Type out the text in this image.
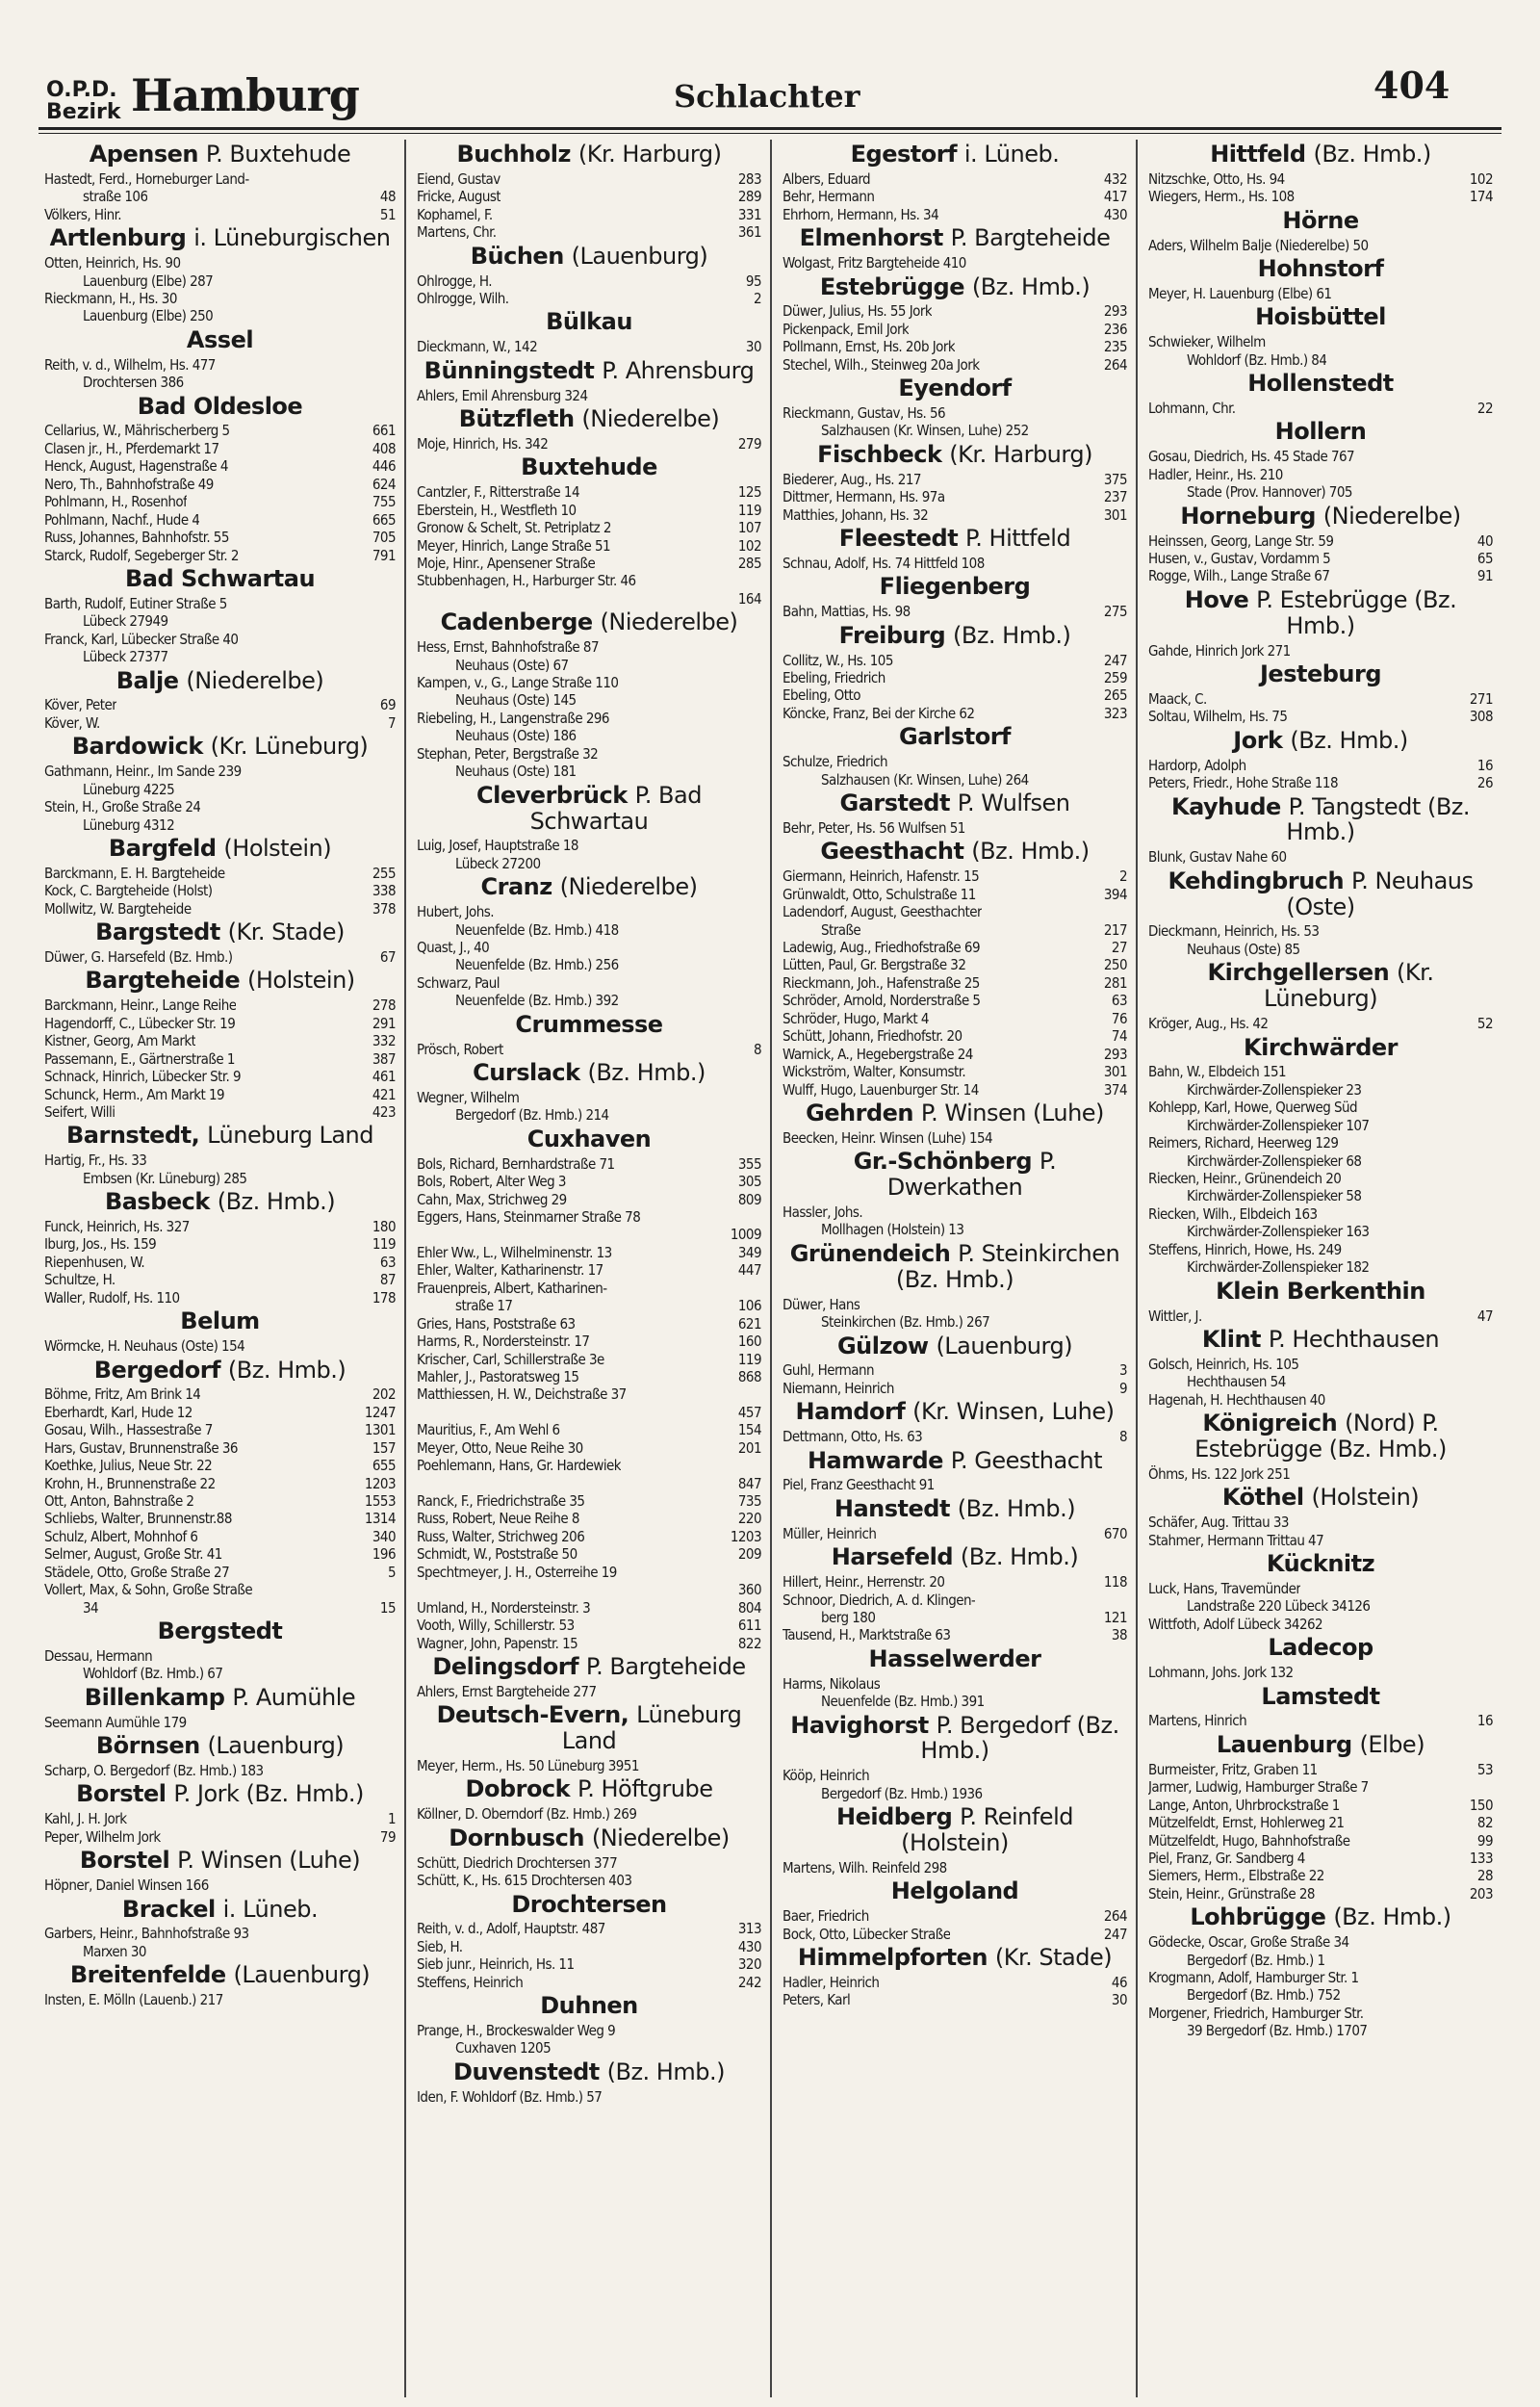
O.P.D.
Bezirk Hamburg	Schlachter	404
Apensen P. Buxtehude
Hastedt, Ferd., Horneburger Land-
straße 106	48
Völkers, Hinr.	51
Artlenburg i. Lüneburgischen
Otten, Heinrich, Hs. 90
Lauenburg (Elbe) 287
Rieckmann, H., Hs. 30
Lauenburg (Elbe) 250
Assel
Reith, v. d., Wilhelm, Hs. 477
Drochtersen 386
Bad Oldesloe
Cellarius, W., Mährischerberg 5	661
Clasen jr., H., Pferdemarkt 17	408
Henck, August, Hagenstraße 4	446
Nero, Th., Bahnhofstraße 49	624
Pohlmann, H., Rosenhof	755
Pohlmann, Nachf., Hude 4	665
Russ, Johannes, Bahnhofstr. 55	705
Starck, Rudolf, Segeberger Str. 2	791
Bad Schwartau
Barth, Rudolf, Eutiner Straße 5
Lübeck 27949
Franck, Karl, Lübecker Straße 40
Lübeck 27377
Balje (Niederelbe)
Köver, Peter	69
Köver, W.	7
Bardowick (Kr. Lüneburg)
Gathmann, Heinr., Im Sande 239
Lüneburg 4225
Stein, H., Große Straße 24
Lüneburg 4312
Bargfeld (Holstein)
Barckmann, E. H. Bargteheide	255
Kock, C. Bargteheide (Holst)	338
Mollwitz, W. Bargteheide	378
Bargstedt (Kr. Stade)
Düwer, G. Harsefeld (Bz. Hmb.)	67
Bargteheide (Holstein)
Barckmann, Heinr., Lange Reihe	278
Hagendorff, C., Lübecker Str. 19	291
Kistner, Georg, Am Markt	332
Passemann, E., Gärtnerstraße 1	387
Schnack, Hinrich, Lübecker Str. 9	461
Schunck, Herm., Am Markt 19	421
Seifert, Willi	423
Barnstedt, Lüneburg Land
Hartig, Fr., Hs. 33
Embsen (Kr. Lüneburg) 285
Basbeck (Bz. Hmb.)
Funck, Heinrich, Hs. 327	180
Iburg, Jos., Hs. 159	119
Riepenhusen, W.	63
Schultze, H.	87
Waller, Rudolf, Hs. 110	178
Belum
Wörmcke, H. Neuhaus (Oste) 154
Bergedorf (Bz. Hmb.)
Böhme, Fritz, Am Brink 14	202
Eberhardt, Karl, Hude 12	1247
Gosau, Wilh., Hassestraße 7	1301
Hars, Gustav, Brunnenstraße 36	157
Koethke, Julius, Neue Str. 22	655
Krohn, H., Brunnenstraße 22	1203
Ott, Anton, Bahnstraße 2	1553
Schliebs, Walter, Brunnenstr.88	1314
Schulz, Albert, Mohnhof 6	340
Selmer, August, Große Str. 41	196
Städele, Otto, Große Straße 27	5
Vollert, Max, & Sohn, Große Straße
34	15
Bergstedt
Dessau, Hermann
Wohldorf (Bz. Hmb.) 67
Billenkamp P. Aumühle
Seemann Aumühle 179
Börnsen (Lauenburg)
Scharp, O. Bergedorf (Bz. Hmb.) 183
Borstel P. Jork (Bz. Hmb.)
Kahl, J. H. Jork	1
Peper, Wilhelm Jork	79
Borstel P. Winsen (Luhe)
Höpner, Daniel Winsen 166
Brackel i. Lüneb.
Garbers, Heinr., Bahnhofstraße 93
Marxen 30
Breitenfelde (Lauenburg)
Insten, E. Mölln (Lauenb.) 217
Buchholz (Kr. Harburg)
Eiend, Gustav	283
Fricke, August	289
Kophamel, F.	331
Martens, Chr.	361
Büchen (Lauenburg)
Ohlrogge, H.	95
Ohlrogge, Wilh.	2
Bülkau
Dieckmann, W., 142	30
Bünningstedt P. Ahrensburg
Ahlers, Emil Ahrensburg 324
Bützfleth (Niederelbe)
Moje, Hinrich, Hs. 342	279
Buxtehude
Cantzler, F., Ritterstraße 14	125
Eberstein, H., Westfleth 10	119
Gronow & Schelt, St. Petriplatz 2	107
Meyer, Hinrich, Lange Straße 51	102
Moje, Hinr., Apensener Straße	285
Stubbenhagen, H., Harburger Str. 46
164
Cadenberge (Niederelbe)
Hess, Ernst, Bahnhofstraße 87
Neuhaus (Oste) 67
Kampen, v., G., Lange Straße 110
Neuhaus (Oste) 145
Riebeling, H., Langenstraße 296
Neuhaus (Oste) 186
Stephan, Peter, Bergstraße 32
Neuhaus (Oste) 181
Cleverbrück P. Bad Schwartau
Luig, Josef, Hauptstraße 18
Lübeck 27200
Cranz (Niederelbe)
Hubert, Johs.
Neuenfelde (Bz. Hmb.) 418
Quast, J., 40
Neuenfelde (Bz. Hmb.) 256
Schwarz, Paul
Neuenfelde (Bz. Hmb.) 392
Crummesse
Prösch, Robert	8
Curslack (Bz. Hmb.)
Wegner, Wilhelm
Bergedorf (Bz. Hmb.) 214
Cuxhaven
Bols, Richard, Bernhardstraße 71	355
Bols, Robert, Alter Weg 3	305
Cahn, Max, Strichweg 29	809
Eggers, Hans, Steinmarner Straße 78
1009
Ehler Ww., L., Wilhelminenstr. 13	349
Ehler, Walter, Katharinenstr. 17	447
Frauenpreis, Albert, Katharinen-
straße 17	106
Gries, Hans, Poststraße 63	621
Harms, R., Nordersteinstr. 17	160
Krischer, Carl, Schillerstraße 3e	119
Mahler, J., Pastoratsweg 15	868
Matthiessen, H. W., Deichstraße 37
457
Mauritius, F., Am Wehl 6	154
Meyer, Otto, Neue Reihe 30	201
Poehlemann, Hans, Gr. Hardewiek
847
Ranck, F., Friedrichstraße 35	735
Russ, Robert, Neue Reihe 8	220
Russ, Walter, Strichweg 206	1203
Schmidt, W., Poststraße 50	209
Spechtmeyer, J. H., Osterreihe 19
360
Umland, H., Nordersteinstr. 3	804
Vooth, Willy, Schillerstr. 53	611
Wagner, John, Papenstr. 15	822
Delingsdorf P. Bargteheide
Ahlers, Ernst Bargteheide 277
Deutsch-Evern, Lüneburg Land
Meyer, Herm., Hs. 50 Lüneburg 3951
Dobrock P. Höftgrube
Köllner, D. Oberndorf (Bz. Hmb.) 269
Dornbusch (Niederelbe)
Schütt, Diedrich Drochtersen 377
Schütt, K., Hs. 615 Drochtersen 403
Drochtersen
Reith, v. d., Adolf, Hauptstr. 487	313
Sieb, H.	430
Sieb junr., Heinrich, Hs. 11	320
Steffens, Heinrich	242
Duhnen
Prange, H., Brockeswalder Weg 9
Cuxhaven 1205
Duvenstedt (Bz. Hmb.)
Iden, F. Wohldorf (Bz. Hmb.) 57
Egestorf i. Lüneb.
Albers, Eduard	432
Behr, Hermann	417
Ehrhorn, Hermann, Hs. 34	430
Elmenhorst P. Bargteheide
Wolgast, Fritz Bargteheide 410
Estebrügge (Bz. Hmb.)
Düwer, Julius, Hs. 55 Jork	293
Pickenpack, Emil Jork	236
Pollmann, Ernst, Hs. 20b Jork	235
Stechel, Wilh., Steinweg 20a Jork	264
Eyendorf
Rieckmann, Gustav, Hs. 56
Salzhausen (Kr. Winsen, Luhe) 252
Fischbeck (Kr. Harburg)
Biederer, Aug., Hs. 217	375
Dittmer, Hermann, Hs. 97a	237
Matthies, Johann, Hs. 32	301
Fleestedt P. Hittfeld
Schnau, Adolf, Hs. 74 Hittfeld 108
Fliegenberg
Bahn, Mattias, Hs. 98	275
Freiburg (Bz. Hmb.)
Collitz, W., Hs. 105	247
Ebeling, Friedrich	259
Ebeling, Otto	265
Köncke, Franz, Bei der Kirche 62	323
Garlstorf
Schulze, Friedrich
Salzhausen (Kr. Winsen, Luhe) 264
Garstedt P. Wulfsen
Behr, Peter, Hs. 56 Wulfsen 51
Geesthacht (Bz. Hmb.)
Giermann, Heinrich, Hafenstr. 15	2
Grünwaldt, Otto, Schulstraße 11	394
Ladendorf, August, Geesthachter
Straße	217
Ladewig, Aug., Friedhofstraße 69	27
Lütten, Paul, Gr. Bergstraße 32	250
Rieckmann, Joh., Hafenstraße 25	281
Schröder, Arnold, Norderstraße 5	63
Schröder, Hugo, Markt 4	76
Schütt, Johann, Friedhofstr. 20	74
Warnick, A., Hegebergstraße 24	293
Wickström, Walter, Konsumstr.	301
Wulff, Hugo, Lauenburger Str. 14	374
Gehrden P. Winsen (Luhe)
Beecken, Heinr. Winsen (Luhe) 154
Gr.-Schönberg P. Dwerkathen
Hassler, Johs.
Mollhagen (Holstein) 13
Grünendeich P. Steinkirchen (Bz. Hmb.)
Düwer, Hans
Steinkirchen (Bz. Hmb.) 267
Gülzow (Lauenburg)
Guhl, Hermann	3
Niemann, Heinrich	9
Hamdorf (Kr. Winsen, Luhe)
Dettmann, Otto, Hs. 63	8
Hamwarde P. Geesthacht
Piel, Franz Geesthacht 91
Hanstedt (Bz. Hmb.)
Müller, Heinrich	670
Harsefeld (Bz. Hmb.)
Hillert, Heinr., Herrenstr. 20	118
Schnoor, Diedrich, A. d. Klingen-
berg 180	121
Tausend, H., Marktstraße 63	38
Hasselwerder
Harms, Nikolaus
Neuenfelde (Bz. Hmb.) 391
Havighorst P. Bergedorf (Bz. Hmb.)
Kööp, Heinrich
Bergedorf (Bz. Hmb.) 1936
Heidberg P. Reinfeld (Holstein)
Martens, Wilh. Reinfeld 298
Helgoland
Baer, Friedrich	264
Bock, Otto, Lübecker Straße	247
Himmelpforten (Kr. Stade)
Hadler, Heinrich	46
Peters, Karl	30
Hittfeld (Bz. Hmb.)
Nitzschke, Otto, Hs. 94	102
Wiegers, Herm., Hs. 108	174
Hörne
Aders, Wilhelm Balje (Niederelbe) 50
Hohnstorf
Meyer, H. Lauenburg (Elbe) 61
Hoisbüttel
Schwieker, Wilhelm
Wohldorf (Bz. Hmb.) 84
Hollenstedt
Lohmann, Chr.	22
Hollern
Gosau, Diedrich, Hs. 45 Stade 767
Hadler, Heinr., Hs. 210
Stade (Prov. Hannover) 705
Horneburg (Niederelbe)
Heinssen, Georg, Lange Str. 59	40
Husen, v., Gustav, Vordamm 5	65
Rogge, Wilh., Lange Straße 67	91
Hove P. Estebrügge (Bz. Hmb.)
Gahde, Hinrich Jork 271
Jesteburg
Maack, C.	271
Soltau, Wilhelm, Hs. 75	308
Jork (Bz. Hmb.)
Hardorp, Adolph	16
Peters, Friedr., Hohe Straße 118	26
Kayhude P. Tangstedt (Bz. Hmb.)
Blunk, Gustav Nahe 60
Kehdingbruch P. Neuhaus (Oste)
Dieckmann, Heinrich, Hs. 53
Neuhaus (Oste) 85
Kirchgellersen (Kr. Lüneburg)
Kröger, Aug., Hs. 42	52
Kirchwärder
Bahn, W., Elbdeich 151
Kirchwärder-Zollenspieker 23
Kohlepp, Karl, Howe, Querweg Süd
Kirchwärder-Zollenspieker 107
Reimers, Richard, Heerweg 129
Kirchwärder-Zollenspieker 68
Riecken, Heinr., Grünendeich 20
Kirchwärder-Zollenspieker 58
Riecken, Wilh., Elbdeich 163
Kirchwärder-Zollenspieker 163
Steffens, Hinrich, Howe, Hs. 249
Kirchwärder-Zollenspieker 182
Klein Berkenthin
Wittler, J.	47
Klint P. Hechthausen
Golsch, Heinrich, Hs. 105
Hechthausen 54
Hagenah, H. Hechthausen 40
Königreich (Nord) P. Estebrügge (Bz. Hmb.)
Öhms, Hs. 122 Jork 251
Köthel (Holstein)
Schäfer, Aug. Trittau 33
Stahmer, Hermann Trittau 47
Kücknitz
Luck, Hans, Travemünder
Landstraße 220 Lübeck 34126
Wittfoth, Adolf Lübeck 34262
Ladecop
Lohmann, Johs. Jork 132
Lamstedt
Martens, Hinrich	16
Lauenburg (Elbe)
Burmeister, Fritz, Graben 11	53
Jarmer, Ludwig, Hamburger Straße 7
Lange, Anton, Uhrbrockstraße 1	150
Mützelfeldt, Ernst, Hohlerweg 21	82
Mützelfeldt, Hugo, Bahnhofstraße	99
Piel, Franz, Gr. Sandberg 4	133
Siemers, Herm., Elbstraße 22	28
Stein, Heinr., Grünstraße 28	203
Lohbrügge (Bz. Hmb.)
Gödecke, Oscar, Große Straße 34
Bergedorf (Bz. Hmb.) 1
Krogmann, Adolf, Hamburger Str. 1
Bergedorf (Bz. Hmb.) 752
Morgener, Friedrich, Hamburger Str.
39 Bergedorf (Bz. Hmb.) 1707
